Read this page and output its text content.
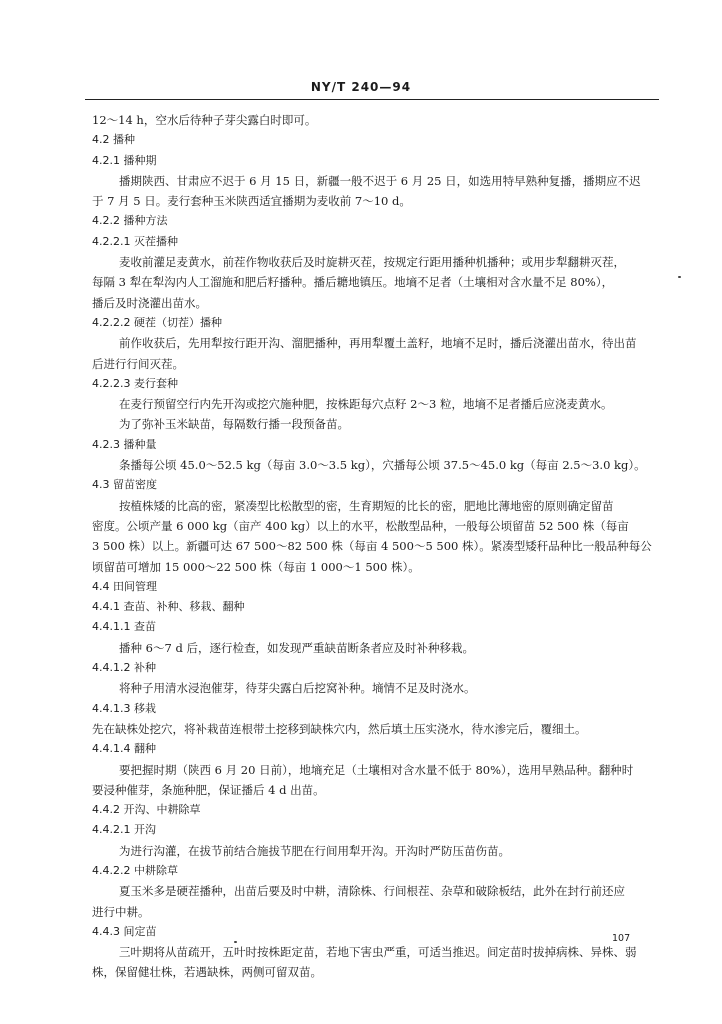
NY/T 240—94
12～14 h，空水后待种子芽尖露白时即可。
4.2 播种
4.2.1 播种期
播期陕西、甘肃应不迟于 6 月 15 日，新疆一般不迟于 6 月 25 日，如选用特早熟种复播，播期应不迟
于 7 月 5 日。麦行套种玉米陕西适宜播期为麦收前 7～10 d。
4.2.2 播种方法
4.2.2.1 灭茬播种
麦收前灌足麦黄水，前茬作物收获后及时旋耕灭茬，按规定行距用播种机播种；或用步犁翻耕灭茬，
每隔 3 犁在犁沟内人工溜施和肥后籽播种。播后耱地镇压。地墒不足者（土壤相对含水量不足 80%），
播后及时浇灌出苗水。
4.2.2.2 硬茬（切茬）播种
前作收获后，先用犁按行距开沟、溜肥播种，再用犁覆土盖籽，地墒不足时，播后浇灌出苗水，待出苗
后进行行间灭茬。
4.2.2.3 麦行套种
在麦行预留空行内先开沟或挖穴施种肥，按株距每穴点籽 2～3 粒，地墒不足者播后应浇麦黄水。
为了弥补玉米缺苗，每隔数行播一段预备苗。
4.2.3 播种量
条播每公顷 45.0～52.5 kg（每亩 3.0～3.5 kg），穴播每公顷 37.5～45.0 kg（每亩 2.5～3.0 kg）。
4.3 留苗密度
按植株矮的比高的密，紧凑型比松散型的密，生育期短的比长的密，肥地比薄地密的原则确定留苗
密度。公顷产量 6 000 kg（亩产 400 kg）以上的水平，松散型品种，一般每公顷留苗 52 500 株（每亩
3 500 株）以上。新疆可达 67 500～82 500 株（每亩 4 500～5 500 株）。紧凑型矮秆品种比一般品种每公
顷留苗可增加 15 000～22 500 株（每亩 1 000～1 500 株）。
4.4 田间管理
4.4.1 查苗、补种、移栽、翻种
4.4.1.1 查苗
播种 6～7 d 后，逐行检查，如发现严重缺苗断条者应及时补种移栽。
4.4.1.2 补种
将种子用清水浸泡催芽，待芽尖露白后挖窝补种。墒情不足及时浇水。
4.4.1.3 移栽
先在缺株处挖穴，将补栽苗连根带土挖移到缺株穴内，然后填土压实浇水，待水渗完后，覆细土。
4.4.1.4 翻种
要把握时期（陕西 6 月 20 日前），地墒充足（土壤相对含水量不低于 80%），选用早熟品种。翻种时
要浸种催芽，条施种肥，保证播后 4 d 出苗。
4.4.2 开沟、中耕除草
4.4.2.1 开沟
为进行沟灌，在拔节前结合施拔节肥在行间用犁开沟。开沟时严防压苗伤苗。
4.4.2.2 中耕除草
夏玉米多是硬茬播种，出苗后要及时中耕，清除株、行间根茬、杂草和破除板结，此外在封行前还应
进行中耕。
4.4.3 间定苗
三叶期将从苗疏开，五叶时按株距定苗，若地下害虫严重，可适当推迟。间定苗时拔掉病株、异株、弱
株，保留健壮株，若遇缺株，两侧可留双苗。
107
